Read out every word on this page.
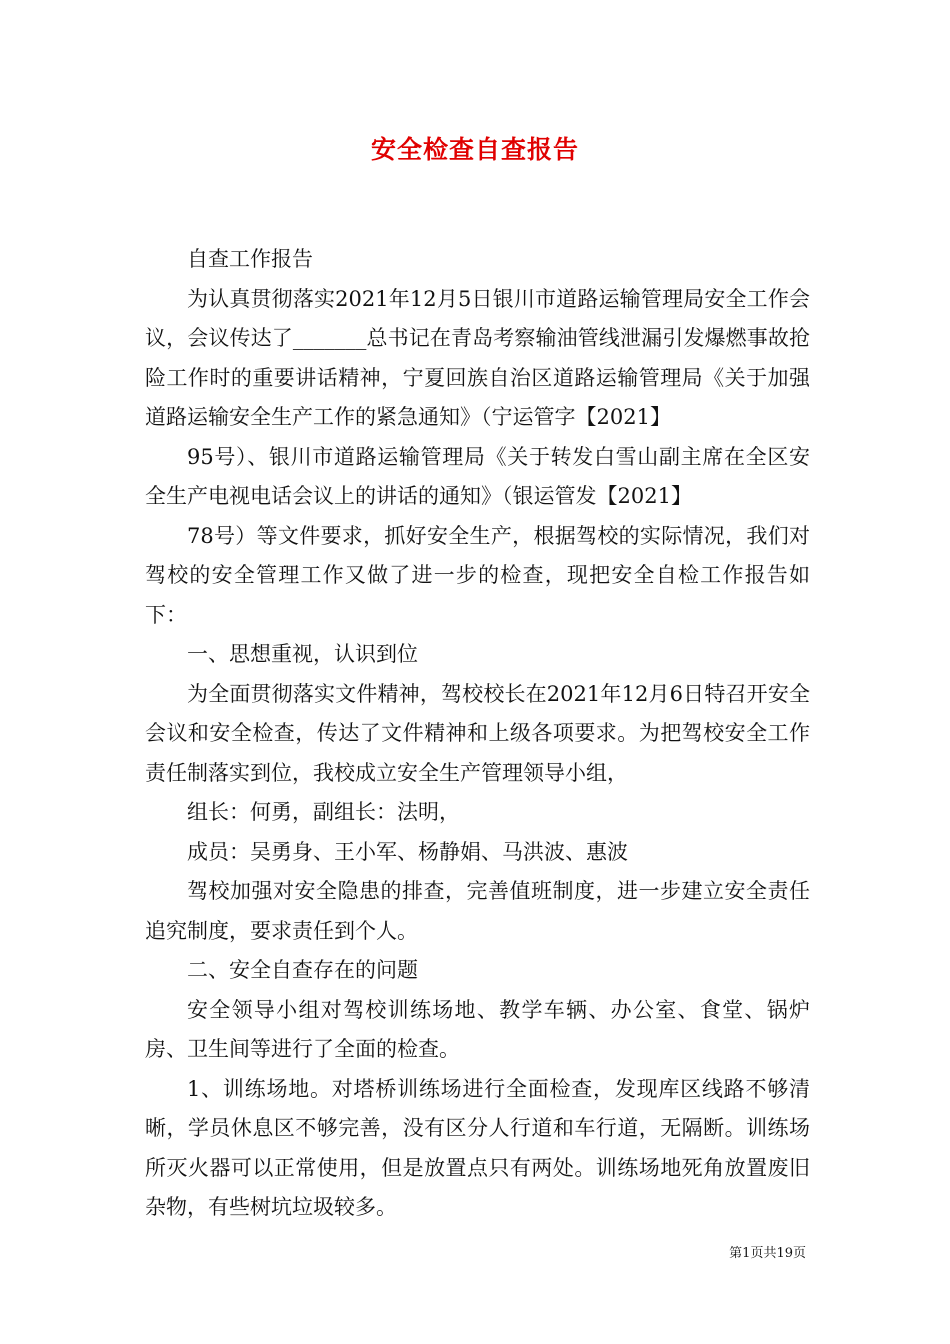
安全检查自查报告

自查工作报告

为认真贯彻落实2021年12月5日银川市道路运输管理局安全工作会议，会议传达了_______总书记在青岛考察输油管线泄漏引发爆燃事故抢险工作时的重要讲话精神，宁夏回族自治区道路运输管理局《关于加强道路运输安全生产工作的紧急通知》（宁运管字【2021】

95号）、银川市道路运输管理局《关于转发白雪山副主席在全区安全生产电视电话会议上的讲话的通知》（银运管发【2021】

78号）等文件要求，抓好安全生产，根据驾校的实际情况，我们对驾校的安全管理工作又做了进一步的检查，现把安全自检工作报告如下：

一、思想重视，认识到位

为全面贯彻落实文件精神，驾校校长在2021年12月6日特召开安全会议和安全检查，传达了文件精神和上级各项要求。为把驾校安全工作责任制落实到位，我校成立安全生产管理领导小组，

组长：何勇，副组长：法明，

成员：吴勇身、王小军、杨静娟、马洪波、惠波

驾校加强对安全隐患的排查，完善值班制度，进一步建立安全责任追究制度，要求责任到个人。

二、安全自查存在的问题

安全领导小组对驾校训练场地、教学车辆、办公室、食堂、锅炉房、卫生间等进行了全面的检查。

1、训练场地。对塔桥训练场进行全面检查，发现库区线路不够清晰，学员休息区不够完善，没有区分人行道和车行道，无隔断。训练场所灭火器可以正常使用，但是放置点只有两处。训练场地死角放置废旧杂物，有些树坑垃圾较多。

第1页共19页
